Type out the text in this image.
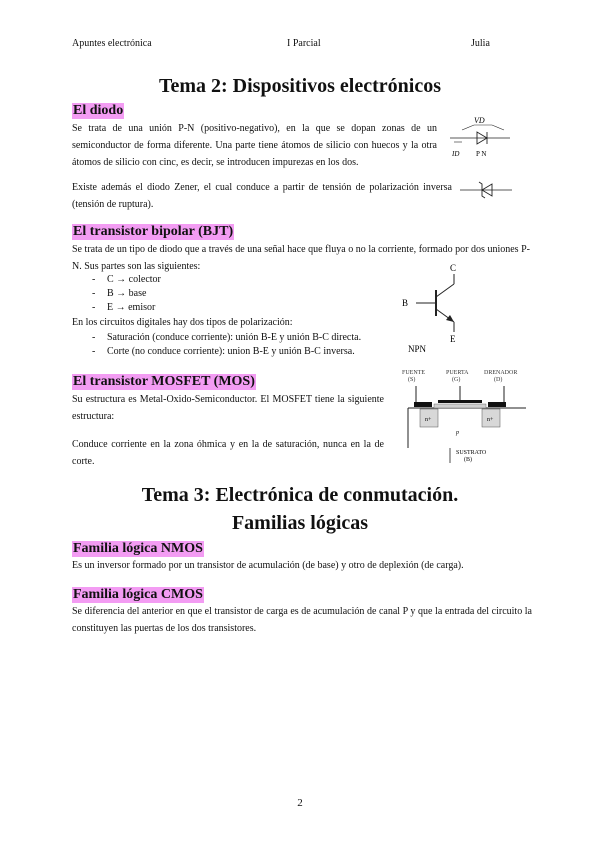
Apuntes electrónica	I Parcial	Julia
Tema 2: Dispositivos electrónicos
El diodo
Se trata de una unión P-N (positivo-negativo), en la que se dopan zonas de un semiconductor de forma diferente. Una parte tiene átomos de silicio con huecos y la otra átomos de silicio con cinc, es decir, se introducen impurezas en los dos.
Existe además el diodo Zener, el cual conduce a partir de tensión de polarización inversa (tensión de ruptura).
VD
ID P N
El transistor bipolar (BJT)
Se trata de un tipo de diodo que a través de una señal hace que fluya o no la corriente, formado por dos uniones P-N. Sus partes son las siguientes:
- C → colector
- B → base
- E → emisor
En los circuitos digitales hay dos tipos de polarización:
- Saturación (conduce corriente): unión B-E y unión B-C directa.
- Corte (no conduce corriente): union B-E y unión B-C inversa.
C
B
E
NPN
El transistor MOSFET (MOS)
Su estructura es Metal-Oxido-Semiconductor. El MOSFET tiene la siguiente estructura:
Conduce corriente en la zona óhmica y en la de saturación, nunca en la de corte.
FUENTE
(S)
PUERTA
(G)
DRENADOR
(D)
n+	n+
p
SUSTRATO
(B)
Tema 3: Electrónica de conmutación.
Familias lógicas
Familia lógica NMOS
Es un inversor formado por un transistor de acumulación (de base) y otro de deplexión (de carga).
Familia lógica CMOS
Se diferencia del anterior en que el transistor de carga es de acumulación de canal P y que la entrada del circuito la constituyen las puertas de los dos transistores.
2
